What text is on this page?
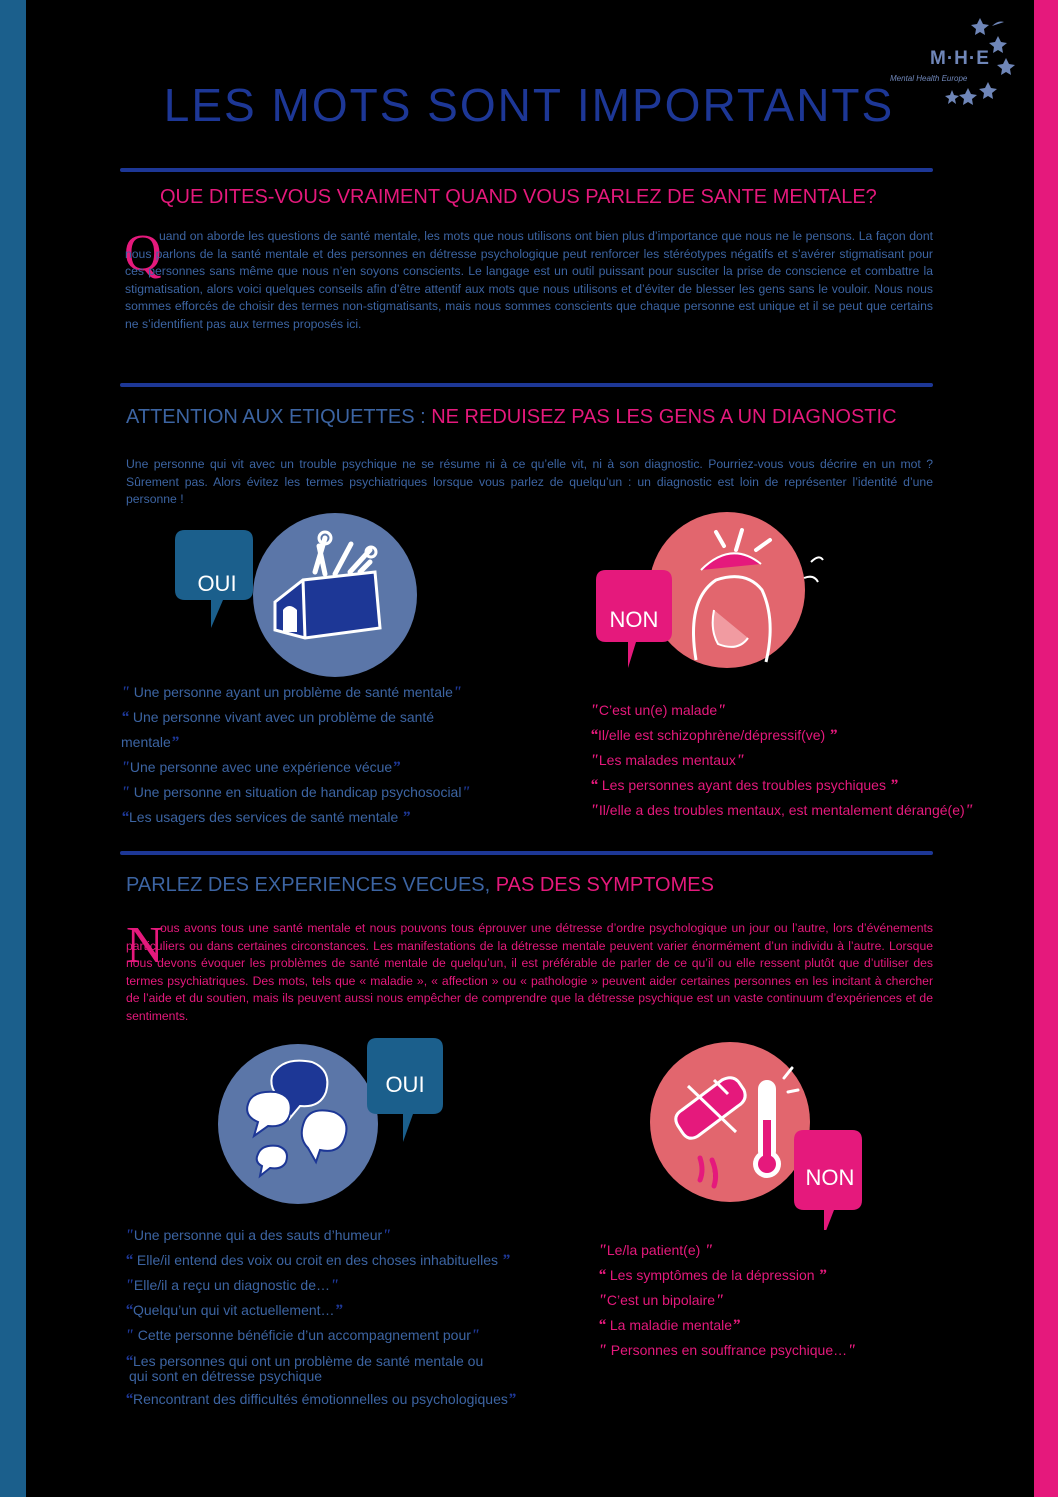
M·H·E
Mental Health Europe
LES MOTS SONT IMPORTANTS
QUE DITES-VOUS VRAIMENT QUAND VOUS PARLEZ DE SANTE MENTALE?
Q

uand on aborde les questions de santé mentale, les mots que nous utilisons ont bien plus d’importance que nous ne le pensons. La façon dont nous parlons de la santé mentale et des personnes en détresse psychologique peut renforcer les stéréotypes négatifs et s’avérer stigmatisant pour ces personnes sans même que nous n’en soyons conscients. Le langage est un outil puissant pour susciter la prise de conscience et combattre la stigmatisation, alors voici quelques conseils afin d’être attentif aux mots que nous utilisons et d’éviter de blesser les gens sans le vouloir. Nous nous sommes efforcés de choisir des termes non-stigmatisants, mais nous sommes conscients que chaque personne est unique et il se peut que certains ne s’identifient pas aux termes proposés ici.

ATTENTION AUX ETIQUETTES : NE REDUISEZ PAS LES GENS A UN DIAGNOSTIC

Une personne qui vit avec un trouble psychique ne se résume ni à ce qu’elle vit, ni à son diagnostic. Pourriez-vous vous décrire en un mot ? Sûrement pas. Alors évitez les termes psychiatriques lorsque vous parlez de quelqu’un : un diagnostic est loin de représenter l’identité d’une personne !

OUI
NON
" Une personne ayant un problème de santé mentale"
“ Une personne vivant avec un problème de santé
mentale”
"Une personne avec une expérience vécue”
" Une personne en situation de handicap psychosocial"
“Les usagers des services de santé mentale ”
"C’est un(e) malade"
“Il/elle est schizophrène/dépressif(ve) ”
"Les malades mentaux"
“ Les personnes ayant des troubles psychiques ”
"Il/elle a des troubles mentaux, est mentalement dérangé(e)"
PARLEZ DES EXPERIENCES VECUES, PAS DES SYMPTOMES
N

ous avons tous une santé mentale et nous pouvons tous éprouver une détresse d’ordre psychologique un jour ou l’autre, lors d’événements particuliers ou dans certaines circonstances. Les manifestations de la détresse mentale peuvent varier énormément d’un individu à l’autre. Lorsque nous devons évoquer les problèmes de santé mentale de quelqu’un, il est préférable de parler de ce qu’il ou elle ressent plutôt que d’utiliser des termes psychiatriques. Des mots, tels que « maladie », « affection » ou « pathologie » peuvent aider certaines personnes en les incitant à chercher de l’aide et du soutien, mais ils peuvent aussi nous empêcher de comprendre que la détresse psychique est un vaste continuum d’expériences et de sentiments.

OUI
NON
"Une personne qui a des sauts d’humeur"
“ Elle/il entend des voix ou croit en des choses inhabituelles ”
"Elle/il a reçu un diagnostic de…"
“Quelqu’un qui vit actuellement…”
" Cette personne bénéficie d’un accompagnement pour"
“Les personnes qui ont un problème de santé mentale ou
qui sont en détresse psychique
“Rencontrant des difficultés émotionnelles ou psychologiques”
"Le/la patient(e) "
“ Les symptômes de la dépression ”
"C’est un bipolaire"
“ La maladie mentale”
" Personnes en souffrance psychique…"
